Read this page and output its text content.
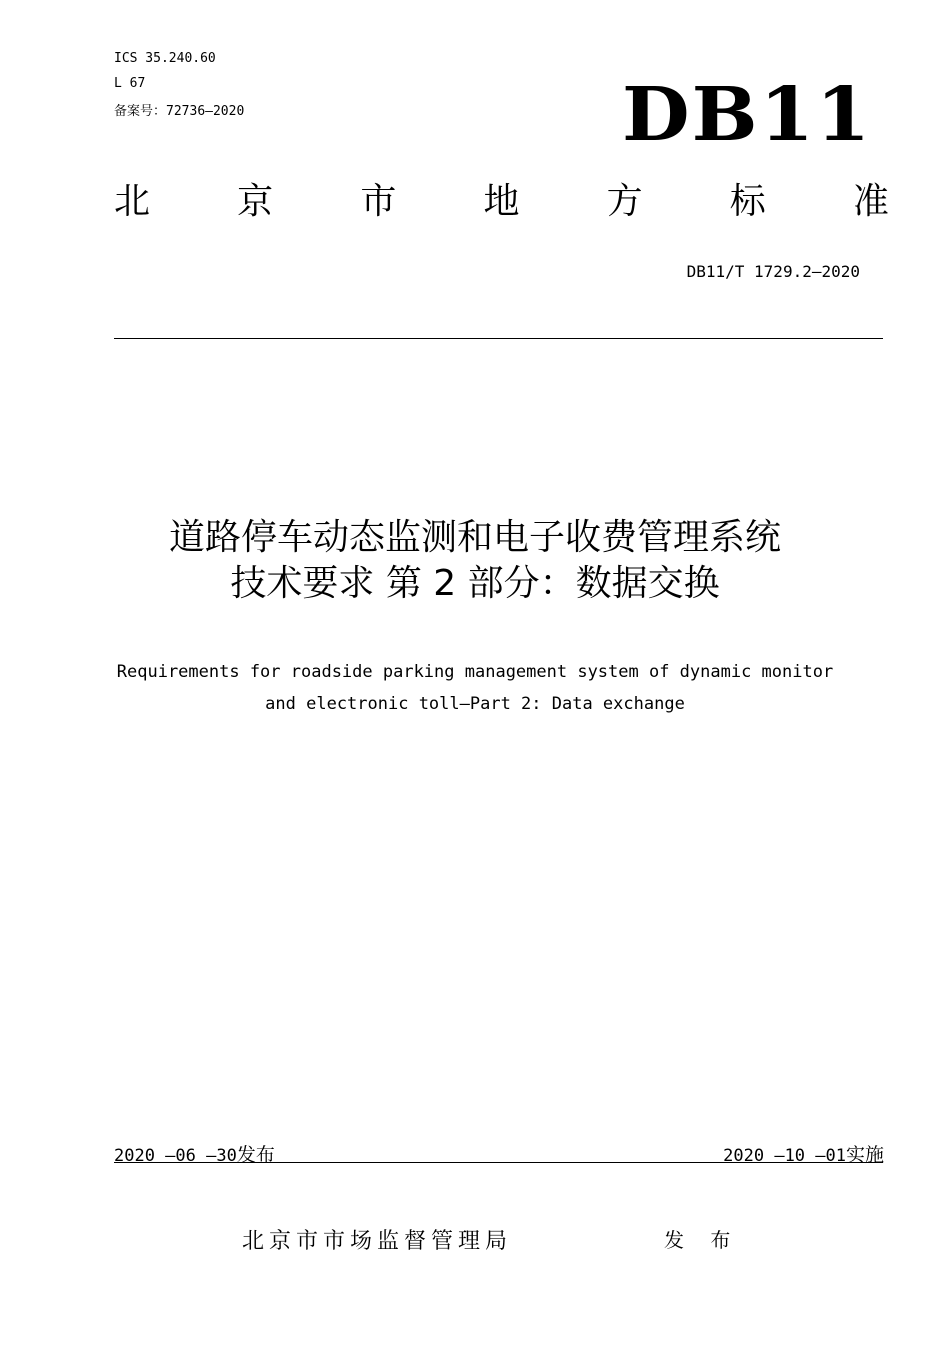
ICS 35.240.60
L 67
备案号：72736—2020	DB11
北 京 市 地 方 标 准
DB11/T 1729.2—2020
道路停车动态监测和电子收费管理系统
技术要求 第 2 部分：数据交换
Requirements for roadside parking management system of dynamic monitor
and electronic toll—Part 2: Data exchange
2020 —06 —30发布	2020 —10 —01实施
北京市市场监督管理局	发 布
